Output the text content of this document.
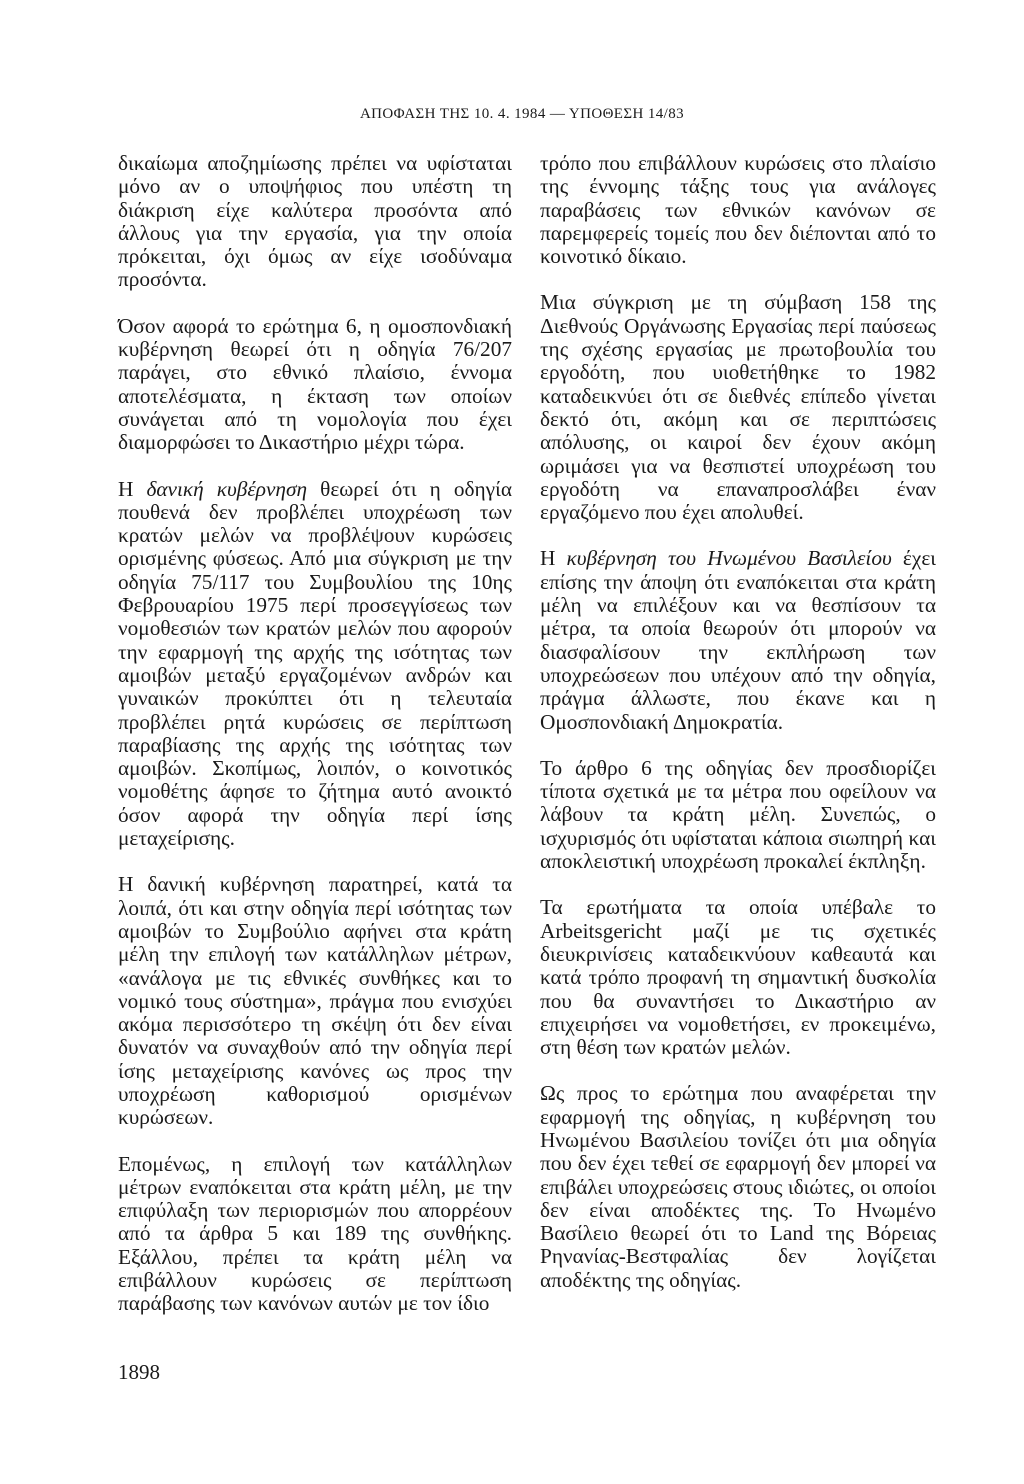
ΑΠΟΦΑΣΗ ΤΗΣ 10. 4. 1984 — ΥΠΟΘΕΣΗ 14/83

δικαίωμα αποζημίωσης πρέπει να υφίσταται μόνο αν ο υποψήφιος που υπέστη τη διάκριση είχε καλύτερα προσόντα από άλλους για την εργασία, για την οποία πρόκειται, όχι όμως αν είχε ισοδύναμα προσόντα.

Όσον αφορά το ερώτημα 6, η ομοσπονδιακή κυβέρνηση θεωρεί ότι η οδηγία 76/207 παράγει, στο εθνικό πλαίσιο, έννομα αποτελέσματα, η έκταση των οποίων συνάγεται από τη νομολογία που έχει διαμορφώσει το Δικαστήριο μέχρι τώρα.

Η δανική κυβέρνηση θεωρεί ότι η οδηγία πουθενά δεν προβλέπει υποχρέωση των κρατών μελών να προβλέψουν κυρώσεις ορισμένης φύσεως. Από μια σύγκριση με την οδηγία 75/117 του Συμβουλίου της 10ης Φεβρουαρίου 1975 περί προσεγγίσεως των νομοθεσιών των κρατών μελών που αφορούν την εφαρμογή της αρχής της ισότητας των αμοιβών μεταξύ εργαζομένων ανδρών και γυναικών προκύπτει ότι η τελευταία προβλέπει ρητά κυρώσεις σε περίπτωση παραβίασης της αρχής της ισότητας των αμοιβών. Σκοπίμως, λοιπόν, ο κοινοτικός νομοθέτης άφησε το ζήτημα αυτό ανοικτό όσον αφορά την οδηγία περί ίσης μεταχείρισης.

Η δανική κυβέρνηση παρατηρεί, κατά τα λοιπά, ότι και στην οδηγία περί ισότητας των αμοιβών το Συμβούλιο αφήνει στα κράτη μέλη την επιλογή των κατάλληλων μέτρων, «ανάλογα με τις εθνικές συνθήκες και το νομικό τους σύστημα», πράγμα που ενισχύει ακόμα περισσότερο τη σκέψη ότι δεν είναι δυνατόν να συναχθούν από την οδηγία περί ίσης μεταχείρισης κανόνες ως προς την υποχρέωση καθορισμού ορισμένων κυρώσεων.

Επομένως, η επιλογή των κατάλληλων μέτρων εναπόκειται στα κράτη μέλη, με την επιφύλαξη των περιορισμών που απορρέουν από τα άρθρα 5 και 189 της συνθήκης. Εξάλλου, πρέπει τα κράτη μέλη να επιβάλλουν κυρώσεις σε περίπτωση παράβασης των κανόνων αυτών με τον ίδιο

τρόπο που επιβάλλουν κυρώσεις στο πλαίσιο της έννομης τάξης τους για ανάλογες παραβάσεις των εθνικών κανόνων σε παρεμφερείς τομείς που δεν διέπονται από το κοινοτικό δίκαιο.

Μια σύγκριση με τη σύμβαση 158 της Διεθνούς Οργάνωσης Εργασίας περί παύσεως της σχέσης εργασίας με πρωτοβουλία του εργοδότη, που υιοθετήθηκε το 1982 καταδεικνύει ότι σε διεθνές επίπεδο γίνεται δεκτό ότι, ακόμη και σε περιπτώσεις απόλυσης, οι καιροί δεν έχουν ακόμη ωριμάσει για να θεσπιστεί υποχρέωση του εργοδότη να επαναπροσλάβει έναν εργαζόμενο που έχει απολυθεί.

Η κυβέρνηση του Ηνωμένου Βασιλείου έχει επίσης την άποψη ότι εναπόκειται στα κράτη μέλη να επιλέξουν και να θεσπίσουν τα μέτρα, τα οποία θεωρούν ότι μπορούν να διασφαλίσουν την εκπλήρωση των υποχρεώσεων που υπέχουν από την οδηγία, πράγμα άλλωστε, που έκανε και η Ομοσπονδιακή Δημοκρατία.

Το άρθρο 6 της οδηγίας δεν προσδιορίζει τίποτα σχετικά με τα μέτρα που οφείλουν να λάβουν τα κράτη μέλη. Συνεπώς, ο ισχυρισμός ότι υφίσταται κάποια σιωπηρή και αποκλειστική υποχρέωση προκαλεί έκπληξη.

Τα ερωτήματα τα οποία υπέβαλε το Arbeitsgericht μαζί με τις σχετικές διευκρινίσεις καταδεικνύουν καθεαυτά και κατά τρόπο προφανή τη σημαντική δυσκολία που θα συναντήσει το Δικαστήριο αν επιχειρήσει να νομοθετήσει, εν προκειμένω, στη θέση των κρατών μελών.

Ως προς το ερώτημα που αναφέρεται την εφαρμογή της οδηγίας, η κυβέρνηση του Ηνωμένου Βασιλείου τονίζει ότι μια οδηγία που δεν έχει τεθεί σε εφαρμογή δεν μπορεί να επιβάλει υποχρεώσεις στους ιδιώτες, οι οποίοι δεν είναι αποδέκτες της. Το Ηνωμένο Βασίλειο θεωρεί ότι το Land της Βόρειας Ρηνανίας-Βεστφαλίας δεν λογίζεται αποδέκτης της οδηγίας.

1898
